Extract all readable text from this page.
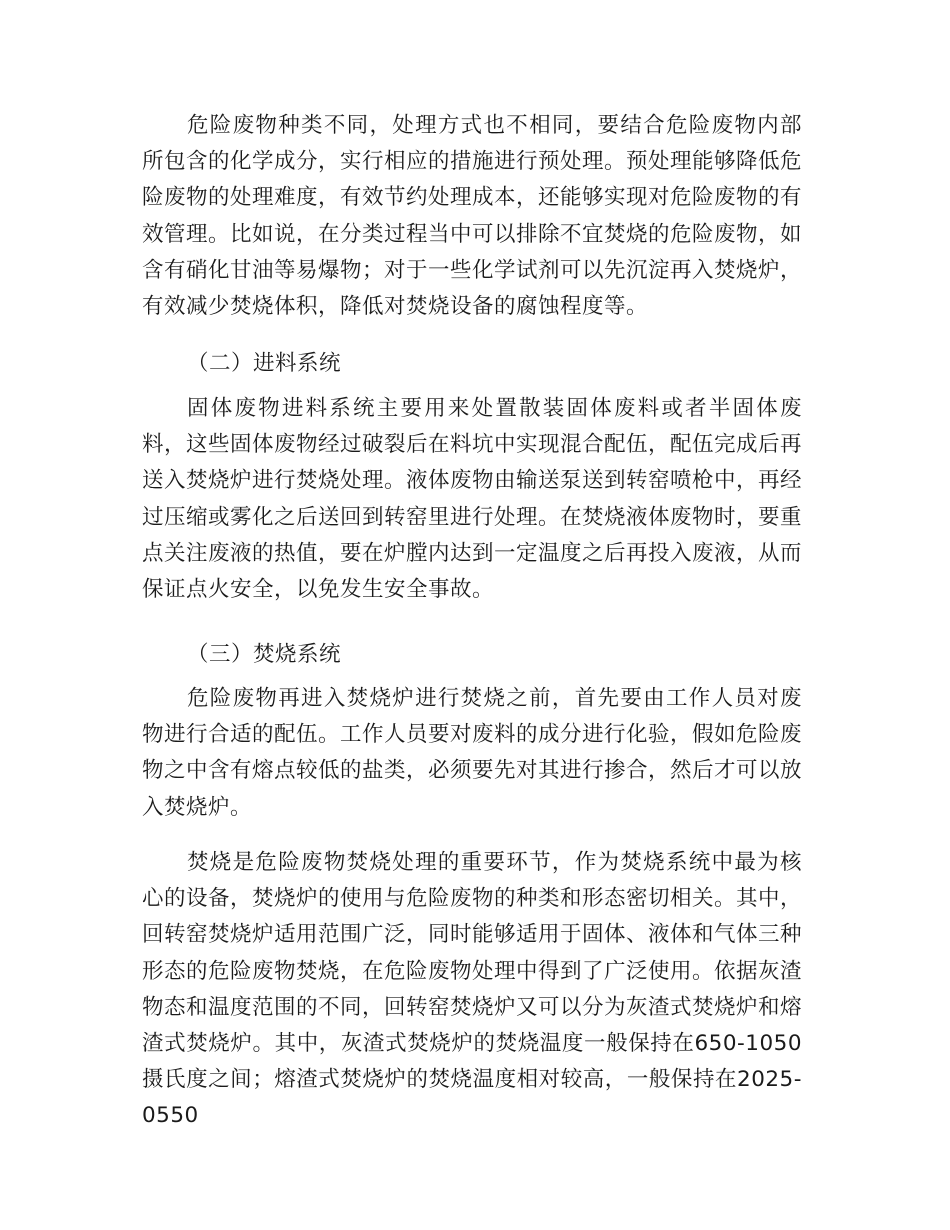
危险废物种类不同，处理方式也不相同，要结合危险废物内部所包含的化学成分，实行相应的措施进行预处理。预处理能够降低危险废物的处理难度，有效节约处理成本，还能够实现对危险废物的有效管理。比如说，在分类过程当中可以排除不宜焚烧的危险废物，如含有硝化甘油等易爆物；对于一些化学试剂可以先沉淀再入焚烧炉，有效减少焚烧体积，降低对焚烧设备的腐蚀程度等。

（二）进料系统

固体废物进料系统主要用来处置散装固体废料或者半固体废料，这些固体废物经过破裂后在料坑中实现混合配伍，配伍完成后再送入焚烧炉进行焚烧处理。液体废物由输送泵送到转窑喷枪中，再经过压缩或雾化之后送回到转窑里进行处理。在焚烧液体废物时，要重点关注废液的热值，要在炉膛内达到一定温度之后再投入废液，从而保证点火安全，以免发生安全事故。

（三）焚烧系统

危险废物再进入焚烧炉进行焚烧之前，首先要由工作人员对废物进行合适的配伍。工作人员要对废料的成分进行化验，假如危险废物之中含有熔点较低的盐类，必须要先对其进行掺合，然后才可以放入焚烧炉。

焚烧是危险废物焚烧处理的重要环节，作为焚烧系统中最为核心的设备，焚烧炉的使用与危险废物的种类和形态密切相关。其中，回转窑焚烧炉适用范围广泛，同时能够适用于固体、液体和气体三种形态的危险废物焚烧，在危险废物处理中得到了广泛使用。依据灰渣物态和温度范围的不同，回转窑焚烧炉又可以分为灰渣式焚烧炉和熔渣式焚烧炉。其中，灰渣式焚烧炉的焚烧温度一般保持在650-1050摄氏度之间；熔渣式焚烧炉的焚烧温度相对较高，一般保持在2025-0550
